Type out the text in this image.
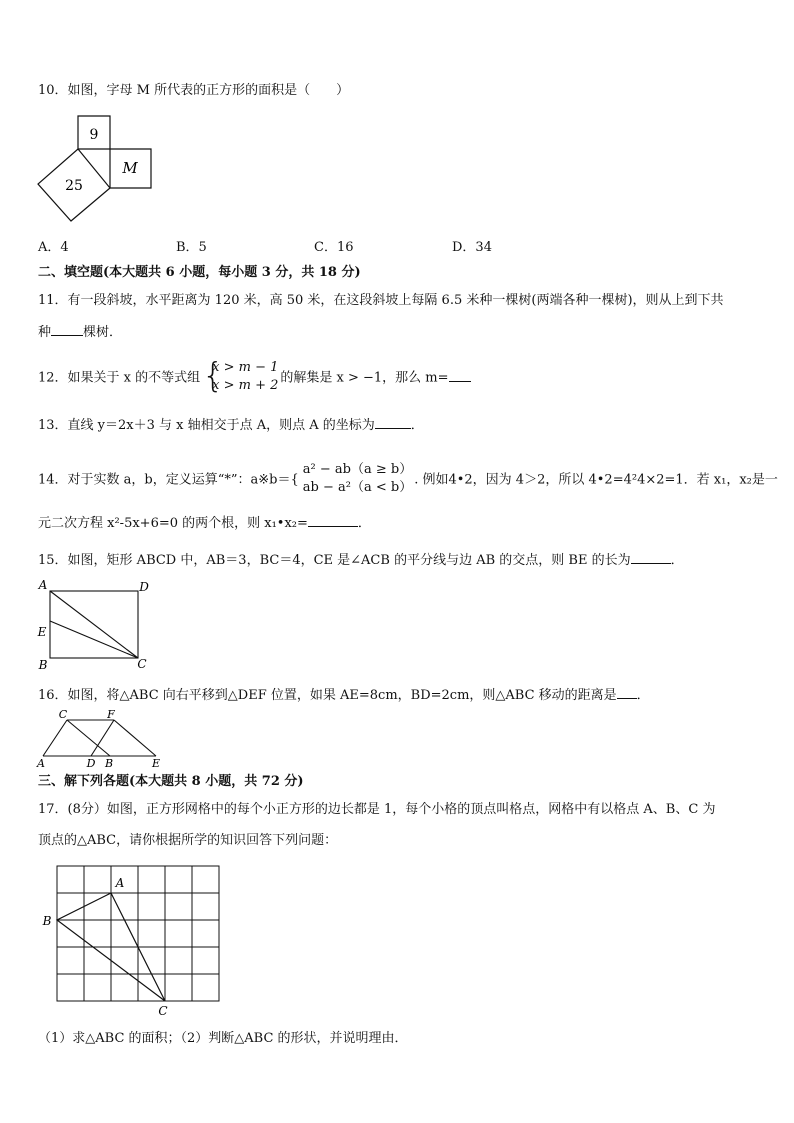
10．如图，字母 M 所代表的正方形的面积是（　　）
9
25
M
A．4	B．5	C．16	D．34
二、填空题(本大题共 6 小题，每小题 3 分，共 18 分)
11．有一段斜坡，水平距离为 120 米，高 50 米，在这段斜坡上每隔 6.5 米种一棵树(两端各种一棵树)，则从上到下共
种 棵树．
12．如果关于 x 的不等式组 {
x > m − 1
x > m + 2 的解集是 x > −1，那么 m=
13．直线 y＝2x＋3 与 x 轴相交于点 A，则点 A 的坐标为	．
14．对于实数 a，b，定义运算“*”：a※b＝{
a² − ab（a ≥ b）
ab − a²（a < b） . 例如4•2，因为 4＞2，所以 4•2=4²4×2=1．若 x₁，x₂是一
元二次方程 x²-5x+6=0 的两个根，则 x₁•x₂=	．
15．如图，矩形 ABCD 中，AB＝3，BC＝4，CE 是∠ACB 的平分线与边 AB 的交点，则 BE 的长为	．
A	D
E
B	C
16．如图，将△ABC 向右平移到△DEF 位置，如果 AE=8cm，BD=2cm，则△ABC 移动的距离是 ．
C	F
A	D B	E
三、解下列各题(本大题共 8 小题，共 72 分)
17．(8分）如图，正方形网格中的每个小正方形的边长都是 1，每个小格的顶点叫格点，网格中有以格点 A、B、C 为
顶点的△ABC，请你根据所学的知识回答下列问题：
A
B
C
（1）求△ABC 的面积；（2）判断△ABC 的形状，并说明理由．
